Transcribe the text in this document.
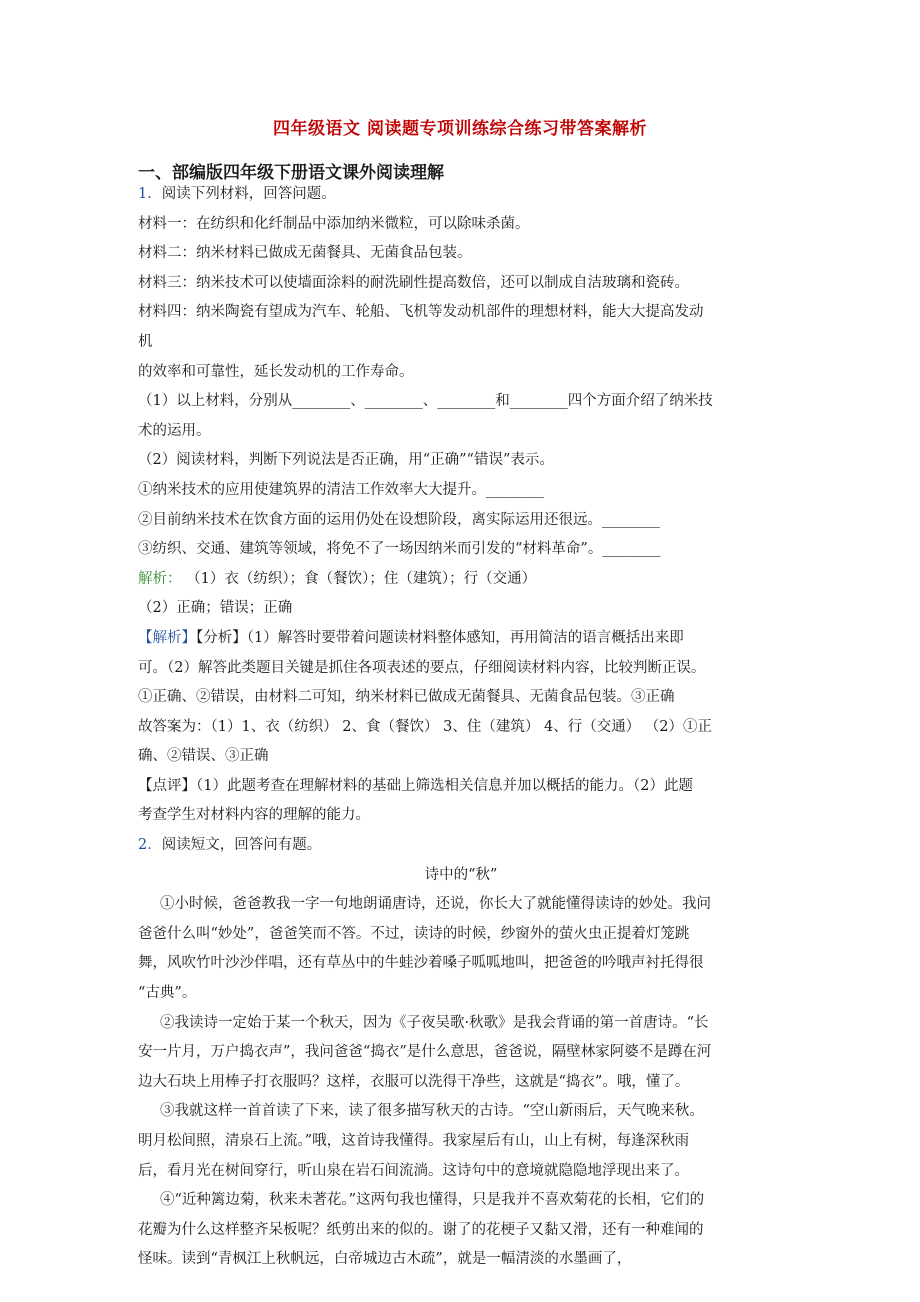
四年级语文 阅读题专项训练综合练习带答案解析
一、部编版四年级下册语文课外阅读理解
1．阅读下列材料，回答问题。
材料一：在纺织和化纤制品中添加纳米微粒，可以除味杀菌。
材料二：纳米材料已做成无菌餐具、无菌食品包装。
材料三：纳米技术可以使墙面涂料的耐洗刷性提高数倍，还可以制成自洁玻璃和瓷砖。
材料四：纳米陶瓷有望成为汽车、轮船、飞机等发动机部件的理想材料，能大大提高发动
机
的效率和可靠性，延长发动机的工作寿命。
（1）以上材料，分别从________、________、________和________四个方面介绍了纳米技
术的运用。
（2）阅读材料，判断下列说法是否正确，用“正确”“错误”表示。
①纳米技术的应用使建筑界的清洁工作效率大大提升。________
②目前纳米技术在饮食方面的运用仍处在设想阶段，离实际运用还很远。________
③纺织、交通、建筑等领域，将免不了一场因纳米而引发的“材料革命”。________
解析： （1）衣（纺织）；食（餐饮）；住（建筑）；行（交通）
（2）正确；错误；正确
【解析】【分析】（1）解答时要带着问题读材料整体感知，再用简洁的语言概括出来即
可。（2）解答此类题目关键是抓住各项表述的要点，仔细阅读材料内容，比较判断正误。
①正确、②错误，由材料二可知，纳米材料已做成无菌餐具、无菌食品包装。③正确
故答案为：（1）1、衣（纺织） 2、食（餐饮） 3、住（建筑） 4、行（交通） （2）①正
确、②错误、③正确
【点评】（1）此题考查在理解材料的基础上筛选相关信息并加以概括的能力。（2）此题
考查学生对材料内容的理解的能力。
2．阅读短文，回答问有题。
诗中的“秋”
①小时候，爸爸教我一字一句地朗诵唐诗，还说，你长大了就能懂得读诗的妙处。我问
爸爸什么叫“妙处”，爸爸笑而不答。不过，读诗的时候，纱窗外的萤火虫正提着灯笼跳
舞，风吹竹叶沙沙伴唱，还有草丛中的牛蛙沙着嗓子呱呱地叫，把爸爸的吟哦声衬托得很
“古典”。
②我读诗一定始于某一个秋天，因为《子夜吴歌·秋歌》是我会背诵的第一首唐诗。“长
安一片月，万户捣衣声”，我问爸爸“捣衣”是什么意思，爸爸说，隔壁林家阿婆不是蹲在河
边大石块上用棒子打衣服吗？这样，衣服可以洗得干净些，这就是“捣衣”。哦，懂了。
③我就这样一首首读了下来，读了很多描写秋天的古诗。“空山新雨后，天气晚来秋。
明月松间照，清泉石上流。”哦，这首诗我懂得。我家屋后有山，山上有树，每逢深秋雨
后，看月光在树间穿行，听山泉在岩石间流淌。这诗句中的意境就隐隐地浮现出来了。
④“近种篱边菊，秋来未著花。”这两句我也懂得，只是我并不喜欢菊花的长相，它们的
花瓣为什么这样整齐呆板呢？纸剪出来的似的。谢了的花梗子又黏又滑，还有一种难闻的
怪味。读到“青枫江上秋帆远，白帝城边古木疏”，就是一幅清淡的水墨画了，
